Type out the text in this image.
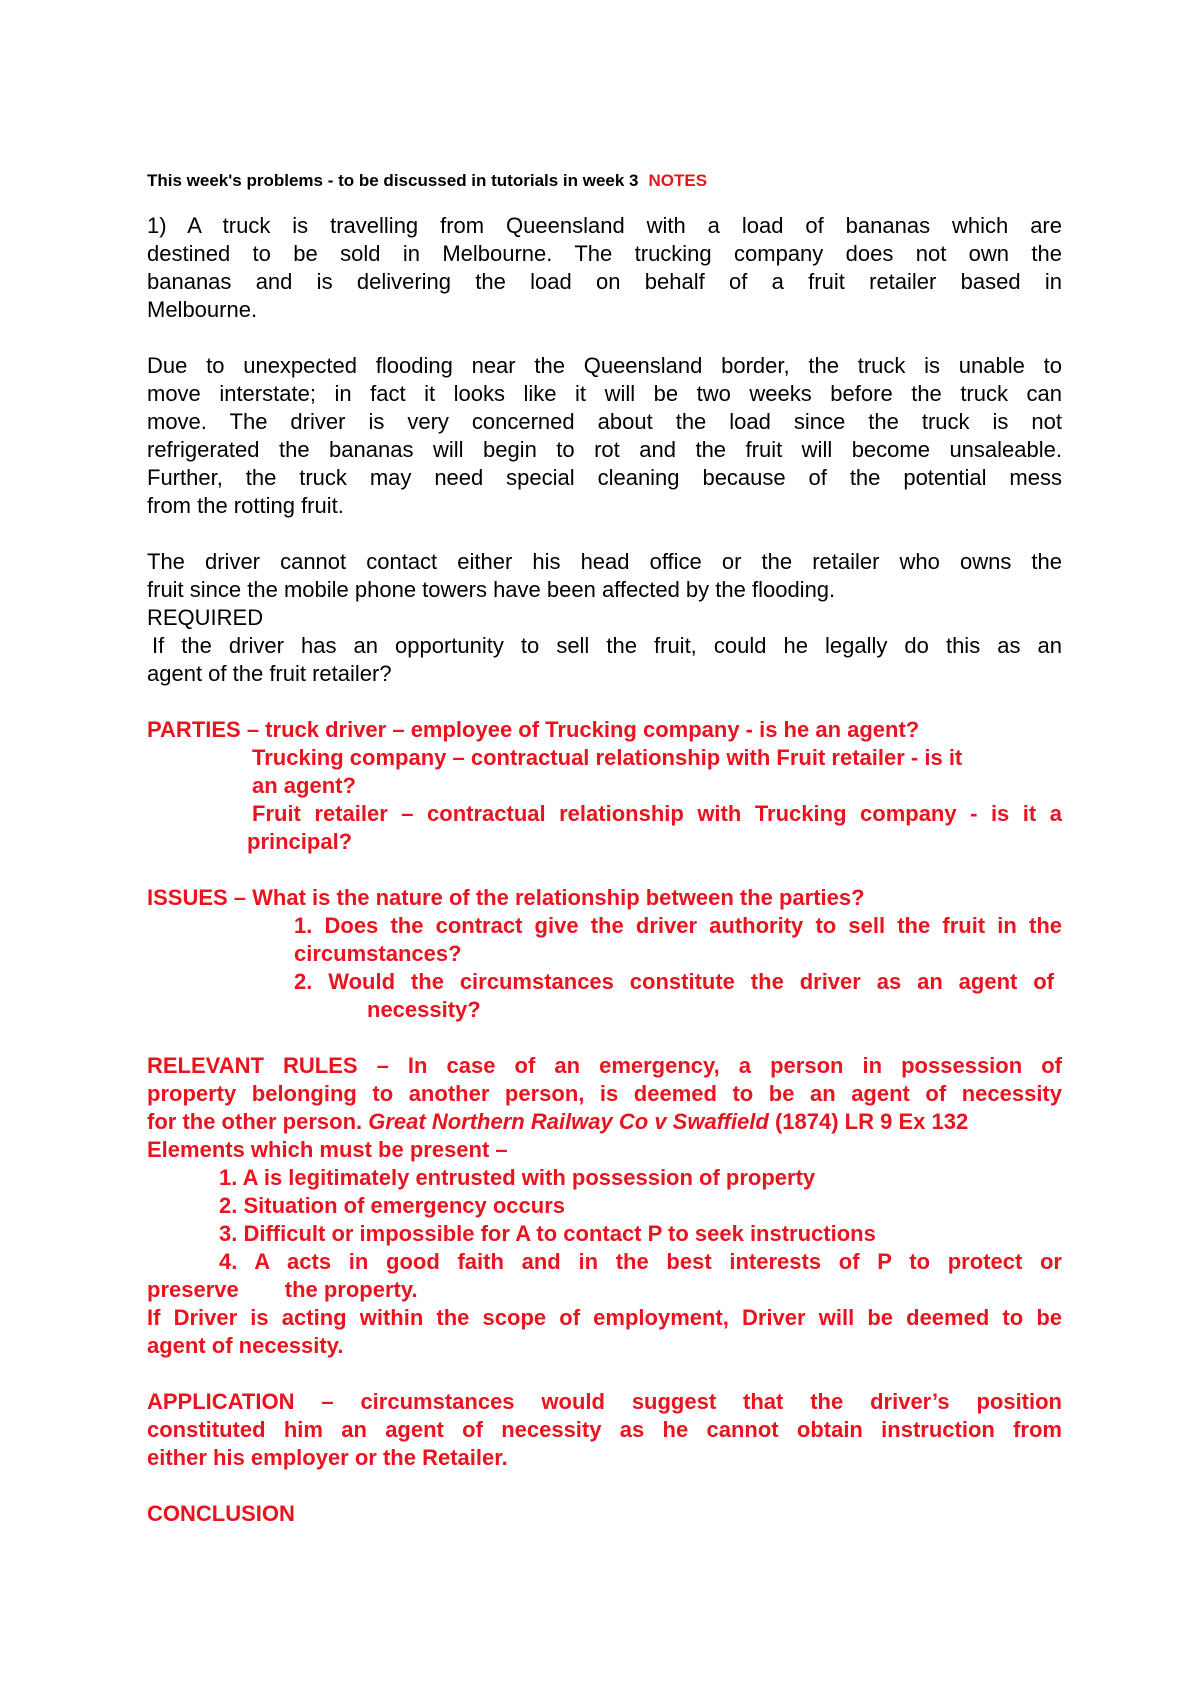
This week's problems - to be discussed in tutorials in week 3 NOTES

1) A truck is travelling from Queensland with a load of bananas which are

destined to be sold in Melbourne. The trucking company does not own the

bananas and is delivering the load on behalf of a fruit retailer based in

Melbourne.

Due to unexpected flooding near the Queensland border, the truck is unable to

move interstate; in fact it looks like it will be two weeks before the truck can

move. The driver is very concerned about the load since the truck is not

refrigerated the bananas will begin to rot and the fruit will become unsaleable.

Further, the truck may need special cleaning because of the potential mess

from the rotting fruit.

The driver cannot contact either his head office or the retailer who owns the

fruit since the mobile phone towers have been affected by the flooding.

REQUIRED

If the driver has an opportunity to sell the fruit, could he legally do this as an

agent of the fruit retailer?

PARTIES – truck driver – employee of Trucking company - is he an agent?

Trucking company – contractual relationship with Fruit retailer - is it

an agent?

Fruit retailer – contractual relationship with Trucking company - is it a

principal?

ISSUES – What is the nature of the relationship between the parties?

1. Does the contract give the driver authority to sell the fruit in the

circumstances?

2. Would the circumstances constitute the driver as an agent of

necessity?

RELEVANT RULES – In case of an emergency, a person in possession of

property belonging to another person, is deemed to be an agent of necessity

for the other person. Great Northern Railway Co v Swaffield (1874) LR 9 Ex 132

Elements which must be present –

1. A is legitimately entrusted with possession of property

2. Situation of emergency occurs

3. Difficult or impossible for A to contact P to seek instructions

4. A acts in good faith and in the best interests of P to protect or

preserve the property.

If Driver is acting within the scope of employment, Driver will be deemed to be

agent of necessity.

APPLICATION – circumstances would suggest that the driver’s position

constituted him an agent of necessity as he cannot obtain instruction from

either his employer or the Retailer.

CONCLUSION
